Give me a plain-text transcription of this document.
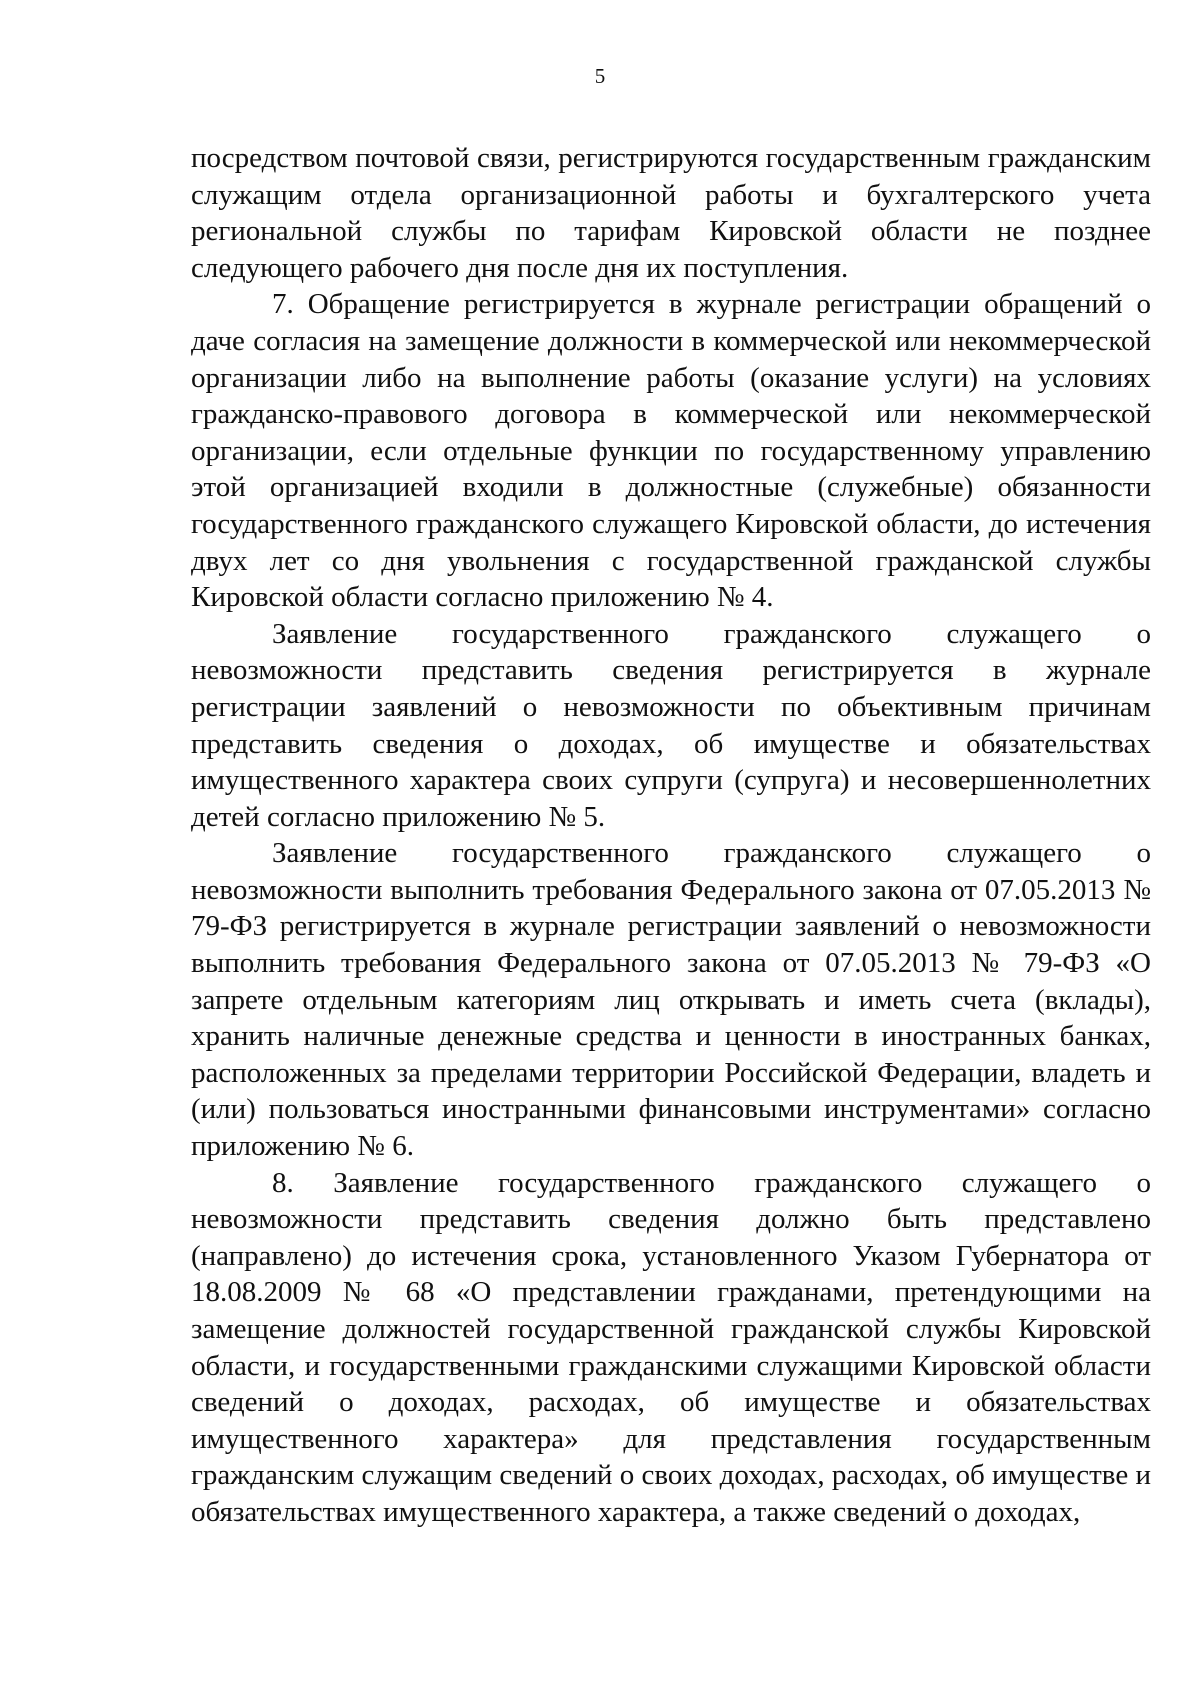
5

посредством почтовой связи, регистрируются государственным гражданским служащим отдела организационной работы и бухгалтерского учета региональной службы по тарифам Кировской области не позднее следующего рабочего дня после дня их поступления.

7. Обращение регистрируется в журнале регистрации обращений о даче согласия на замещение должности в коммерческой или некоммерческой организации либо на выполнение работы (оказание услуги) на условиях гражданско-правового договора в коммерческой или некоммерческой организации, если отдельные функции по государственному управлению этой организацией входили в должностные (служебные) обязанности государственного гражданского служащего Кировской области, до истечения двух лет со дня увольнения с государственной гражданской службы Кировской области согласно приложению № 4.

Заявление государственного гражданского служащего о невозможности представить сведения регистрируется в журнале регистрации заявлений о невозможности по объективным причинам представить сведения о доходах, об имуществе и обязательствах имущественного характера своих супруги (супруга) и несовершеннолетних детей согласно приложению № 5.

Заявление государственного гражданского служащего о невозможности выполнить требования Федерального закона от 07.05.2013 № 79-ФЗ регистрируется в журнале регистрации заявлений о невозможности выполнить требования Федерального закона от 07.05.2013 № 79-ФЗ «О запрете отдельным категориям лиц открывать и иметь счета (вклады), хранить наличные денежные средства и ценности в иностранных банках, расположенных за пределами территории Российской Федерации, владеть и (или) пользоваться иностранными финансовыми инструментами» согласно приложению № 6.

8. Заявление государственного гражданского служащего о невозможности представить сведения должно быть представлено (направлено) до истечения срока, установленного Указом Губернатора от 18.08.2009 № 68 «О представлении гражданами, претендующими на замещение должностей государственной гражданской службы Кировской области, и государственными гражданскими служащими Кировской области сведений о доходах, расходах, об имуществе и обязательствах имущественного характера» для представления государственным гражданским служащим сведений о своих доходах, расходах, об имуществе и обязательствах имущественного характера, а также сведений о доходах,
